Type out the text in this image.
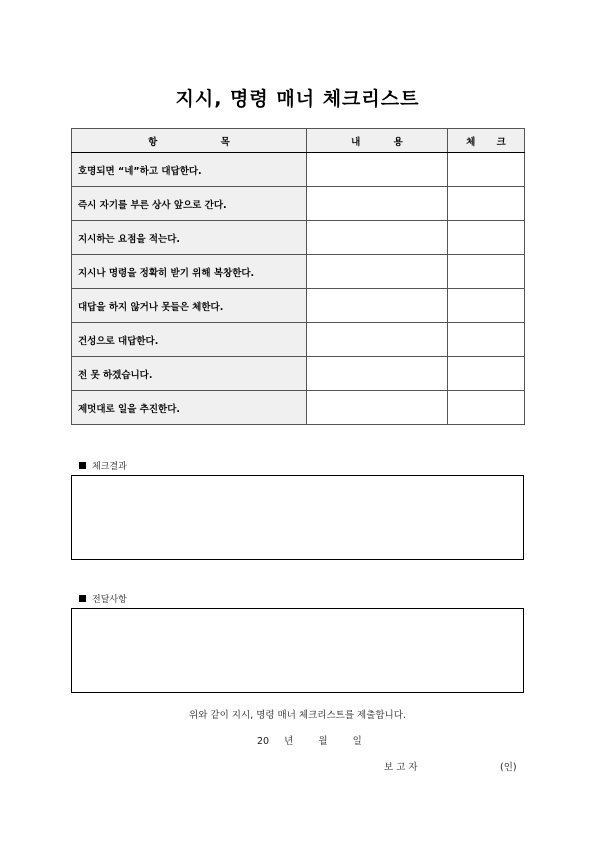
지시, 명령 매너 체크리스트
항 목	내 용	체 크
호명되면 “네”하고 대답한다.		
즉시 자기를 부른 상사 앞으로 간다.		
지시하는 요점을 적는다.		
지시나 명령을 정확히 받기 위해 복창한다.		
대답을 하지 않거나 못들은 체한다.		
건성으로 대답한다.		
전 못 하겠습니다.		
제멋대로 일을 추진한다.		
체크결과
전달사항
위와 같이 지시, 명령 매너 체크리스트를 제출합니다.
20 년	월	일
보 고 자	(인)
